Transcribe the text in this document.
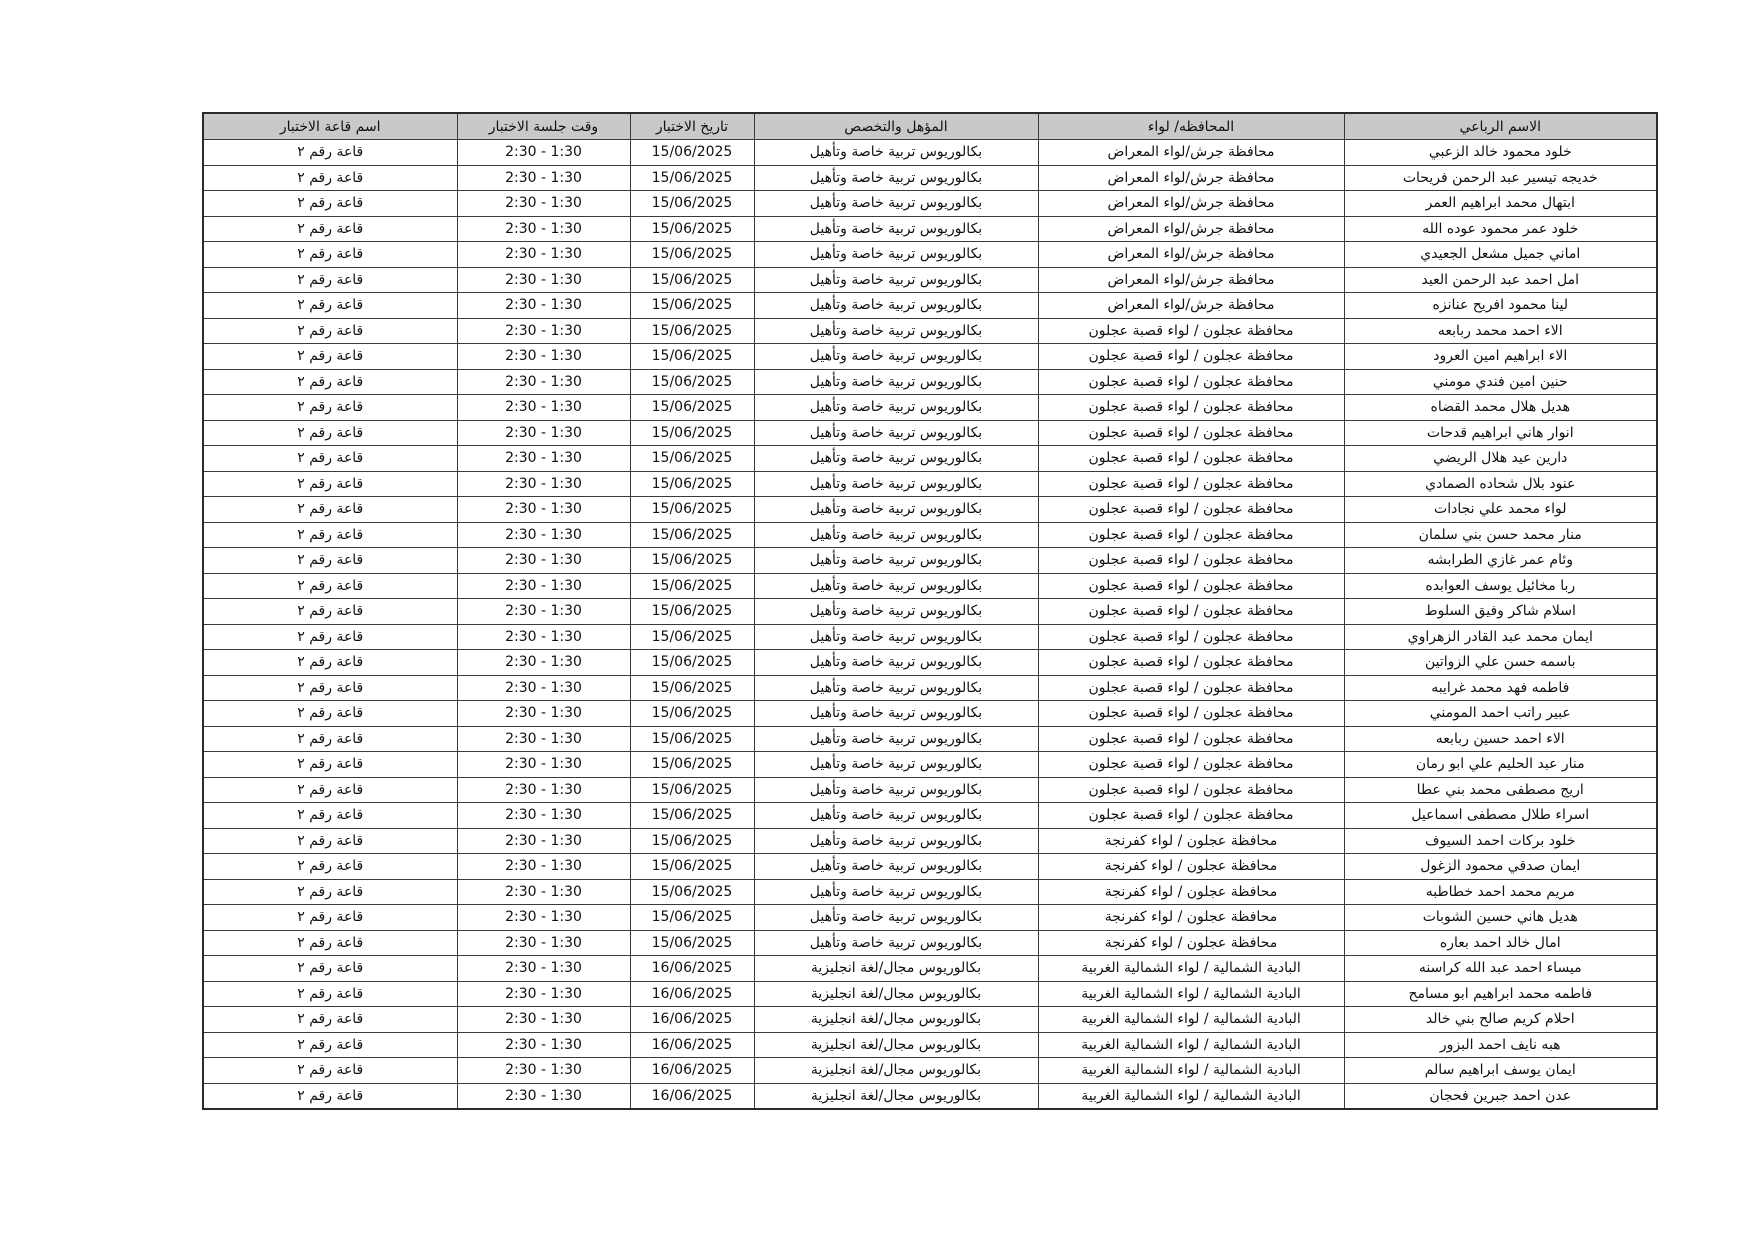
اسم قاعة الاختبار	وقت جلسة الاختبار	تاريخ الاختبار	المؤهل والتخصص	المحافظه/ لواء	الاسم الرباعي
قاعة رقم ٢	2:30 - 1:30	15/06/2025	بكالوريوس تربية خاصة وتأهيل	محافظة جرش/لواء المعراض	خلود محمود خالد الزعبي
قاعة رقم ٢	2:30 - 1:30	15/06/2025	بكالوريوس تربية خاصة وتأهيل	محافظة جرش/لواء المعراض	خديجه تيسير عبد الرحمن فريحات
قاعة رقم ٢	2:30 - 1:30	15/06/2025	بكالوريوس تربية خاصة وتأهيل	محافظة جرش/لواء المعراض	ابتهال محمد ابراهيم العمر
قاعة رقم ٢	2:30 - 1:30	15/06/2025	بكالوريوس تربية خاصة وتأهيل	محافظة جرش/لواء المعراض	خلود عمر محمود عوده الله
قاعة رقم ٢	2:30 - 1:30	15/06/2025	بكالوريوس تربية خاصة وتأهيل	محافظة جرش/لواء المعراض	اماني جميل مشعل الجعيدي
قاعة رقم ٢	2:30 - 1:30	15/06/2025	بكالوريوس تربية خاصة وتأهيل	محافظة جرش/لواء المعراض	امل احمد عبد الرحمن العيد
قاعة رقم ٢	2:30 - 1:30	15/06/2025	بكالوريوس تربية خاصة وتأهيل	محافظة جرش/لواء المعراض	لينا محمود افريح عنانزه
قاعة رقم ٢	2:30 - 1:30	15/06/2025	بكالوريوس تربية خاصة وتأهيل	محافظة عجلون / لواء قصبة عجلون	الاء احمد محمد ربابعه
قاعة رقم ٢	2:30 - 1:30	15/06/2025	بكالوريوس تربية خاصة وتأهيل	محافظة عجلون / لواء قصبة عجلون	الاء ابراهيم امين العرود
قاعة رقم ٢	2:30 - 1:30	15/06/2025	بكالوريوس تربية خاصة وتأهيل	محافظة عجلون / لواء قصبة عجلون	حنين امين فندي مومني
قاعة رقم ٢	2:30 - 1:30	15/06/2025	بكالوريوس تربية خاصة وتأهيل	محافظة عجلون / لواء قصبة عجلون	هديل هلال محمد القضاه
قاعة رقم ٢	2:30 - 1:30	15/06/2025	بكالوريوس تربية خاصة وتأهيل	محافظة عجلون / لواء قصبة عجلون	انوار هاني ابراهيم قدحات
قاعة رقم ٢	2:30 - 1:30	15/06/2025	بكالوريوس تربية خاصة وتأهيل	محافظة عجلون / لواء قصبة عجلون	دارين عيد هلال الريضي
قاعة رقم ٢	2:30 - 1:30	15/06/2025	بكالوريوس تربية خاصة وتأهيل	محافظة عجلون / لواء قصبة عجلون	عنود بلال شحاده الصمادي
قاعة رقم ٢	2:30 - 1:30	15/06/2025	بكالوريوس تربية خاصة وتأهيل	محافظة عجلون / لواء قصبة عجلون	لواء محمد علي نجادات
قاعة رقم ٢	2:30 - 1:30	15/06/2025	بكالوريوس تربية خاصة وتأهيل	محافظة عجلون / لواء قصبة عجلون	منار محمد حسن بني سلمان
قاعة رقم ٢	2:30 - 1:30	15/06/2025	بكالوريوس تربية خاصة وتأهيل	محافظة عجلون / لواء قصبة عجلون	وئام عمر غازي الطرابشه
قاعة رقم ٢	2:30 - 1:30	15/06/2025	بكالوريوس تربية خاصة وتأهيل	محافظة عجلون / لواء قصبة عجلون	ربا مخائيل يوسف العوابده
قاعة رقم ٢	2:30 - 1:30	15/06/2025	بكالوريوس تربية خاصة وتأهيل	محافظة عجلون / لواء قصبة عجلون	اسلام شاكر وفيق السلوط
قاعة رقم ٢	2:30 - 1:30	15/06/2025	بكالوريوس تربية خاصة وتأهيل	محافظة عجلون / لواء قصبة عجلون	ايمان محمد عبد القادر الزهراوي
قاعة رقم ٢	2:30 - 1:30	15/06/2025	بكالوريوس تربية خاصة وتأهيل	محافظة عجلون / لواء قصبة عجلون	باسمه حسن علي الزواتين
قاعة رقم ٢	2:30 - 1:30	15/06/2025	بكالوريوس تربية خاصة وتأهيل	محافظة عجلون / لواء قصبة عجلون	فاطمه فهد محمد غرايبه
قاعة رقم ٢	2:30 - 1:30	15/06/2025	بكالوريوس تربية خاصة وتأهيل	محافظة عجلون / لواء قصبة عجلون	عبير راتب احمد المومني
قاعة رقم ٢	2:30 - 1:30	15/06/2025	بكالوريوس تربية خاصة وتأهيل	محافظة عجلون / لواء قصبة عجلون	الاء احمد حسين ربابعه
قاعة رقم ٢	2:30 - 1:30	15/06/2025	بكالوريوس تربية خاصة وتأهيل	محافظة عجلون / لواء قصبة عجلون	منار عبد الحليم علي ابو رمان
قاعة رقم ٢	2:30 - 1:30	15/06/2025	بكالوريوس تربية خاصة وتأهيل	محافظة عجلون / لواء قصبة عجلون	اريج مصطفى محمد بني عطا
قاعة رقم ٢	2:30 - 1:30	15/06/2025	بكالوريوس تربية خاصة وتأهيل	محافظة عجلون / لواء قصبة عجلون	اسراء طلال مصطفى اسماعيل
قاعة رقم ٢	2:30 - 1:30	15/06/2025	بكالوريوس تربية خاصة وتأهيل	محافظة عجلون / لواء كفرنجة	خلود بركات احمد السيوف
قاعة رقم ٢	2:30 - 1:30	15/06/2025	بكالوريوس تربية خاصة وتأهيل	محافظة عجلون / لواء كفرنجة	ايمان صدقي محمود الزغول
قاعة رقم ٢	2:30 - 1:30	15/06/2025	بكالوريوس تربية خاصة وتأهيل	محافظة عجلون / لواء كفرنجة	مريم محمد احمد خطاطبه
قاعة رقم ٢	2:30 - 1:30	15/06/2025	بكالوريوس تربية خاصة وتأهيل	محافظة عجلون / لواء كفرنجة	هديل هاني حسين الشوبات
قاعة رقم ٢	2:30 - 1:30	15/06/2025	بكالوريوس تربية خاصة وتأهيل	محافظة عجلون / لواء كفرنجة	امال خالد احمد بعاره
قاعة رقم ٢	2:30 - 1:30	16/06/2025	بكالوريوس مجال/لغة انجليزية	البادية الشمالية / لواء الشمالية الغربية	ميساء احمد عبد الله كراسنه
قاعة رقم ٢	2:30 - 1:30	16/06/2025	بكالوريوس مجال/لغة انجليزية	البادية الشمالية / لواء الشمالية الغربية	فاطمه محمد ابراهيم ابو مسامح
قاعة رقم ٢	2:30 - 1:30	16/06/2025	بكالوريوس مجال/لغة انجليزية	البادية الشمالية / لواء الشمالية الغربية	احلام كريم صالح بني خالد
قاعة رقم ٢	2:30 - 1:30	16/06/2025	بكالوريوس مجال/لغة انجليزية	البادية الشمالية / لواء الشمالية الغربية	هبه نايف احمد البزور
قاعة رقم ٢	2:30 - 1:30	16/06/2025	بكالوريوس مجال/لغة انجليزية	البادية الشمالية / لواء الشمالية الغربية	ايمان يوسف ابراهيم سالم
قاعة رقم ٢	2:30 - 1:30	16/06/2025	بكالوريوس مجال/لغة انجليزية	البادية الشمالية / لواء الشمالية الغربية	عدن احمد جبرين فحجان
